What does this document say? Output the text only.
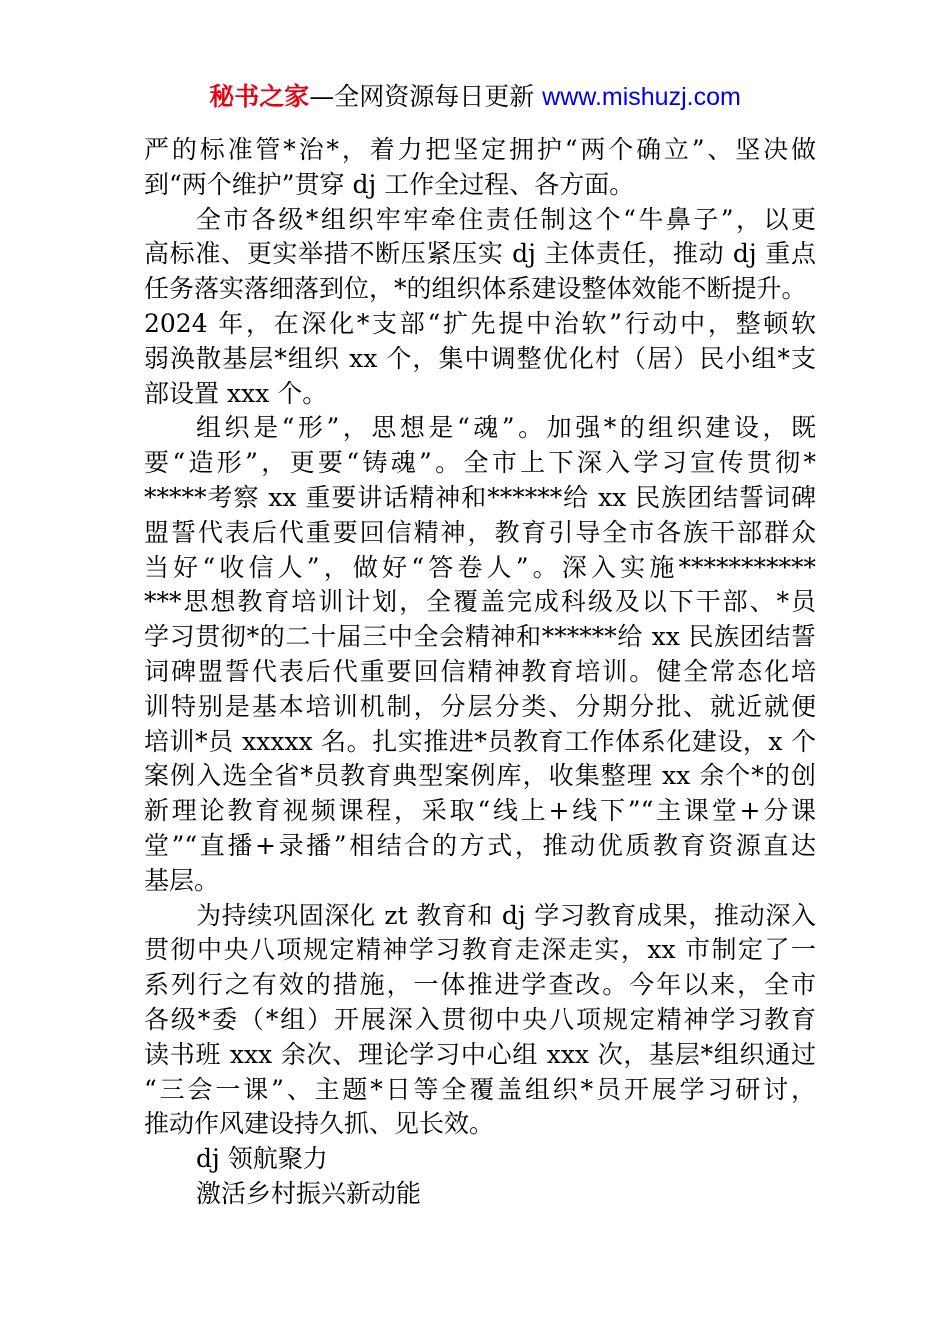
秘书之家—全网资源每日更新 www.mishuzj.com
严的标准管*治*，着力把坚定拥护“两个确立”、坚决做
到“两个维护”贯穿 dj 工作全过程、各方面。
全市各级*组织牢牢牵住责任制这个“牛鼻子”，以更
高标准、更实举措不断压紧压实 dj 主体责任，推动 dj 重点
任务落实落细落到位，*的组织体系建设整体效能不断提升。
2024 年，在深化*支部“扩先提中治软”行动中，整顿软
弱涣散基层*组织 xx 个，集中调整优化村（居）民小组*支
部设置 xxx 个。
组织是“形”，思想是“魂”。加强*的组织建设，既
要“造形”，更要“铸魂”。全市上下深入学习宣传贯彻*
*****考察 xx 重要讲话精神和******给 xx 民族团结誓词碑
盟誓代表后代重要回信精神，教育引导全市各族干部群众
当好“收信人”，做好“答卷人”。深入实施***********
***思想教育培训计划，全覆盖完成科级及以下干部、*员
学习贯彻*的二十届三中全会精神和******给 xx 民族团结誓
词碑盟誓代表后代重要回信精神教育培训。健全常态化培
训特别是基本培训机制，分层分类、分期分批、就近就便
培训*员 xxxxx 名。扎实推进*员教育工作体系化建设，x 个
案例入选全省*员教育典型案例库，收集整理 xx 余个*的创
新理论教育视频课程，采取“线上+线下”“主课堂+分课
堂”“直播+录播”相结合的方式，推动优质教育资源直达
基层。
为持续巩固深化 zt 教育和 dj 学习教育成果，推动深入
贯彻中央八项规定精神学习教育走深走实，xx 市制定了一
系列行之有效的措施，一体推进学查改。今年以来，全市
各级*委（*组）开展深入贯彻中央八项规定精神学习教育
读书班 xxx 余次、理论学习中心组 xxx 次，基层*组织通过
“三会一课”、主题*日等全覆盖组织*员开展学习研讨，
推动作风建设持久抓、见长效。
dj 领航聚力
激活乡村振兴新动能
